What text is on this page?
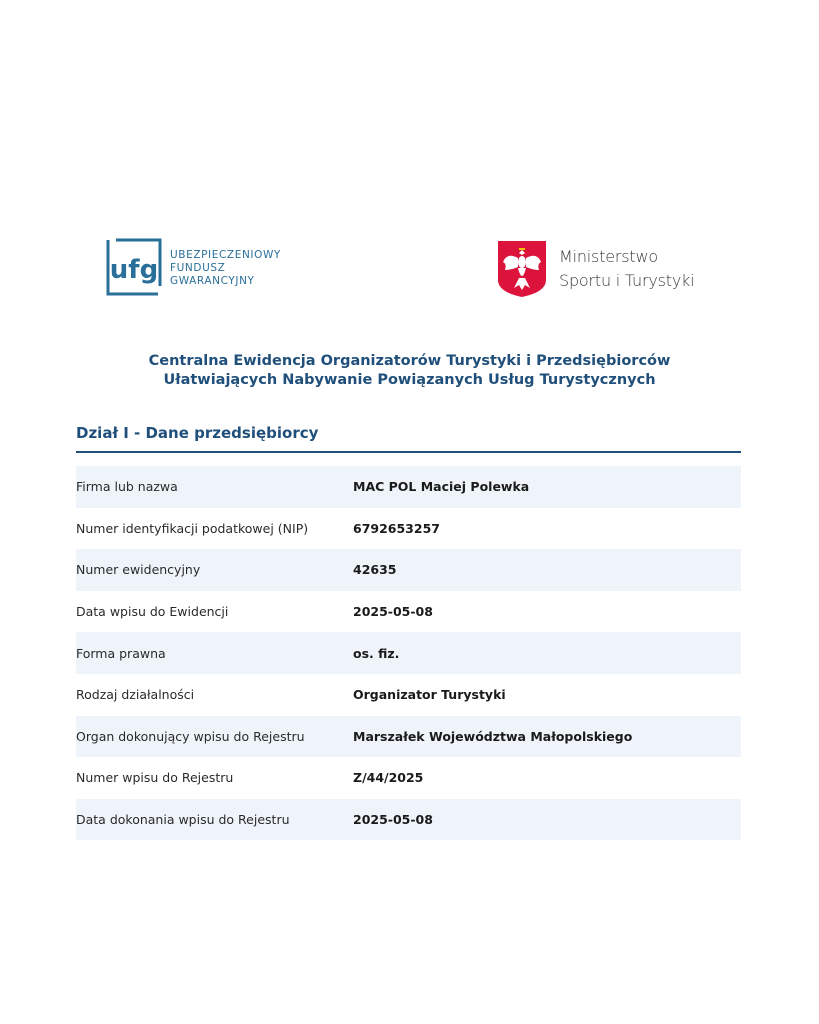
ufg
UBEZPIECZENIOWY
FUNDUSZ
GWARANCYJNY
Ministerstwo
Sportu i Turystyki
Centralna Ewidencja Organizatorów Turystyki i Przedsiębiorców
Ułatwiających Nabywanie Powiązanych Usług Turystycznych
Dział I - Dane przedsiębiorcy
Firma lub nazwa	MAC POL Maciej Polewka
Numer identyfikacji podatkowej (NIP)	6792653257
Numer ewidencyjny	42635
Data wpisu do Ewidencji	2025-05-08
Forma prawna	os. fiz.
Rodzaj działalności	Organizator Turystyki
Organ dokonujący wpisu do Rejestru	Marszałek Województwa Małopolskiego
Numer wpisu do Rejestru	Z/44/2025
Data dokonania wpisu do Rejestru	2025-05-08
